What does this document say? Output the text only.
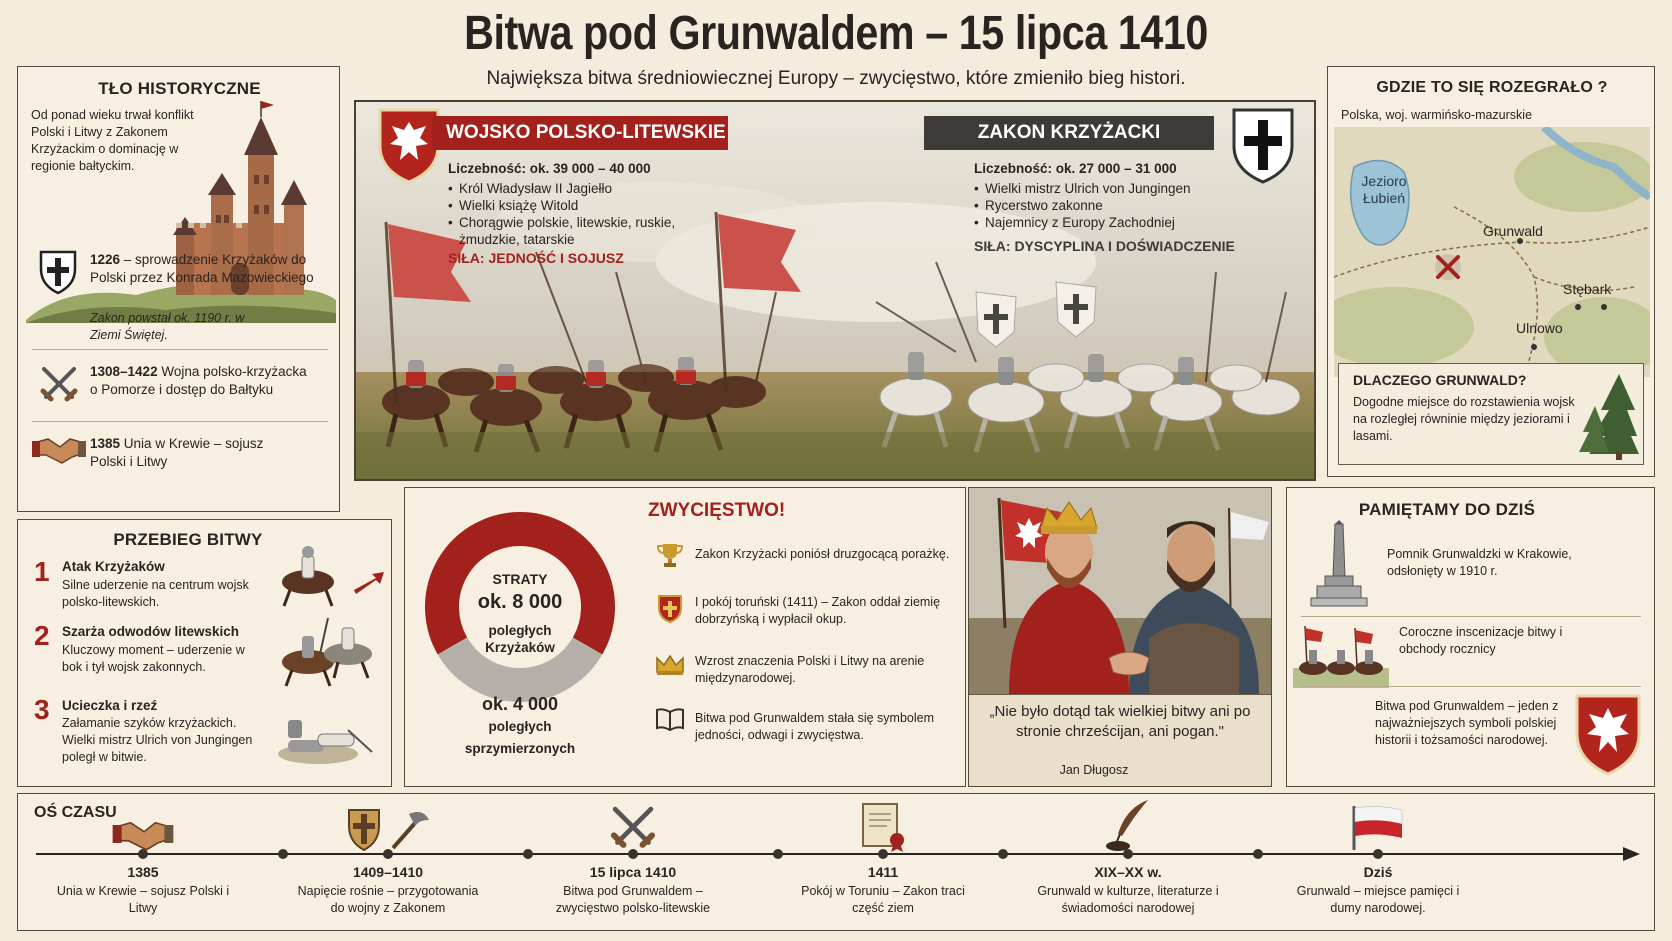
Bitwa pod Grunwaldem – 15 lipca 1410
Największa bitwa średniowiecznej Europy – zwycięstwo, które zmieniło bieg histori.
TŁO HISTORYCZNE
Od ponad wieku trwał konflikt Polski i Litwy z Zakonem Krzyżackim o dominację w regionie bałtyckim.
1226 – sprowadzenie Krzyżaków do Polski przez Konrada Mazowieckiego
Zakon powstał ok. 1190 r. w Ziemi Świętej.
1308–1422 Wojna polsko-krzyżacka o Pomorze i dostęp do Bałtyku
1385 Unia w Krewie – sojusz Polski i Litwy
WOJSKO POLSKO-LITEWSKIE
Liczebność: ok. 39 000 – 40 000
• Król Władysław II Jagiełło
• Wielki książę Witold
• Chorągwie polskie, litewskie, ruskie, żmudzkie, tatarskie
SIŁA: JEDNOŚĆ I SOJUSZ
ZAKON KRZYŻACKI
Liczebność: ok. 27 000 – 31 000
• Wielki mistrz Ulrich von Jungingen
• Rycerstwo zakonne
• Najemnicy z Europy Zachodniej
SIŁA: DYSCYPLINA I DOŚWIADCZENIE
GDZIE TO SIĘ ROZEGRAŁO ?
Polska, woj. warmińsko-mazurskie
Jezioro Łubień
Grunwald
Stębark
Ulnowo
DLACZEGO GRUNWALD?
Dogodne miejsce do rozstawienia wojsk na rozległej równinie między jeziorami i lasami.
PRZEBIEG BITWY
1 Atak Krzyżaków
Silne uderzenie na centrum wojsk polsko-litewskich.
2 Szarża odwodów litewskich
Kluczowy moment – uderzenie w bok i tył wojsk zakonnych.
3 Ucieczka i rzeź
Załamanie szyków krzyżackich. Wielki mistrz Ulrich von Jungingen poległ w bitwie.
STRATY
ok. 8 000
poległych Krzyżaków
ok. 4 000
poległych sprzymierzonych
ZWYCIĘSTWO!
Zakon Krzyżacki poniósł druzgocącą porażkę.
I pokój toruński (1411) – Zakon oddał ziemię dobrzyńską i wypłacił okup.
Wzrost znaczenia Polski i Litwy na arenie międzynarodowej.
Bitwa pod Grunwaldem stała się symbolem jedności, odwagi i zwycięstwa.
„Nie było dotąd tak wielkiej bitwy ani po stronie chrześcijan, ani pogan."
Jan Długosz
PAMIĘTAMY DO DZIŚ
Pomnik Grunwaldzki w Krakowie, odsłonięty w 1910 r.
Coroczne inscenizacje bitwy i obchody rocznicy
Bitwa pod Grunwaldem – jeden z najważniejszych symboli polskiej historii i tożsamości narodowej.
OŚ CZASU
1385
Unia w Krewie – sojusz Polski i Litwy
1409–1410
Napięcie rośnie – przygotowania do wojny z Zakonem
15 lipca 1410
Bitwa pod Grunwaldem – zwycięstwo polsko-litewskie
1411
Pokój w Toruniu – Zakon traci część ziem
XIX–XX w.
Grunwald w kulturze, literaturze i świadomości narodowej
Dziś
Grunwald – miejsce pamięci i dumy narodowej.
